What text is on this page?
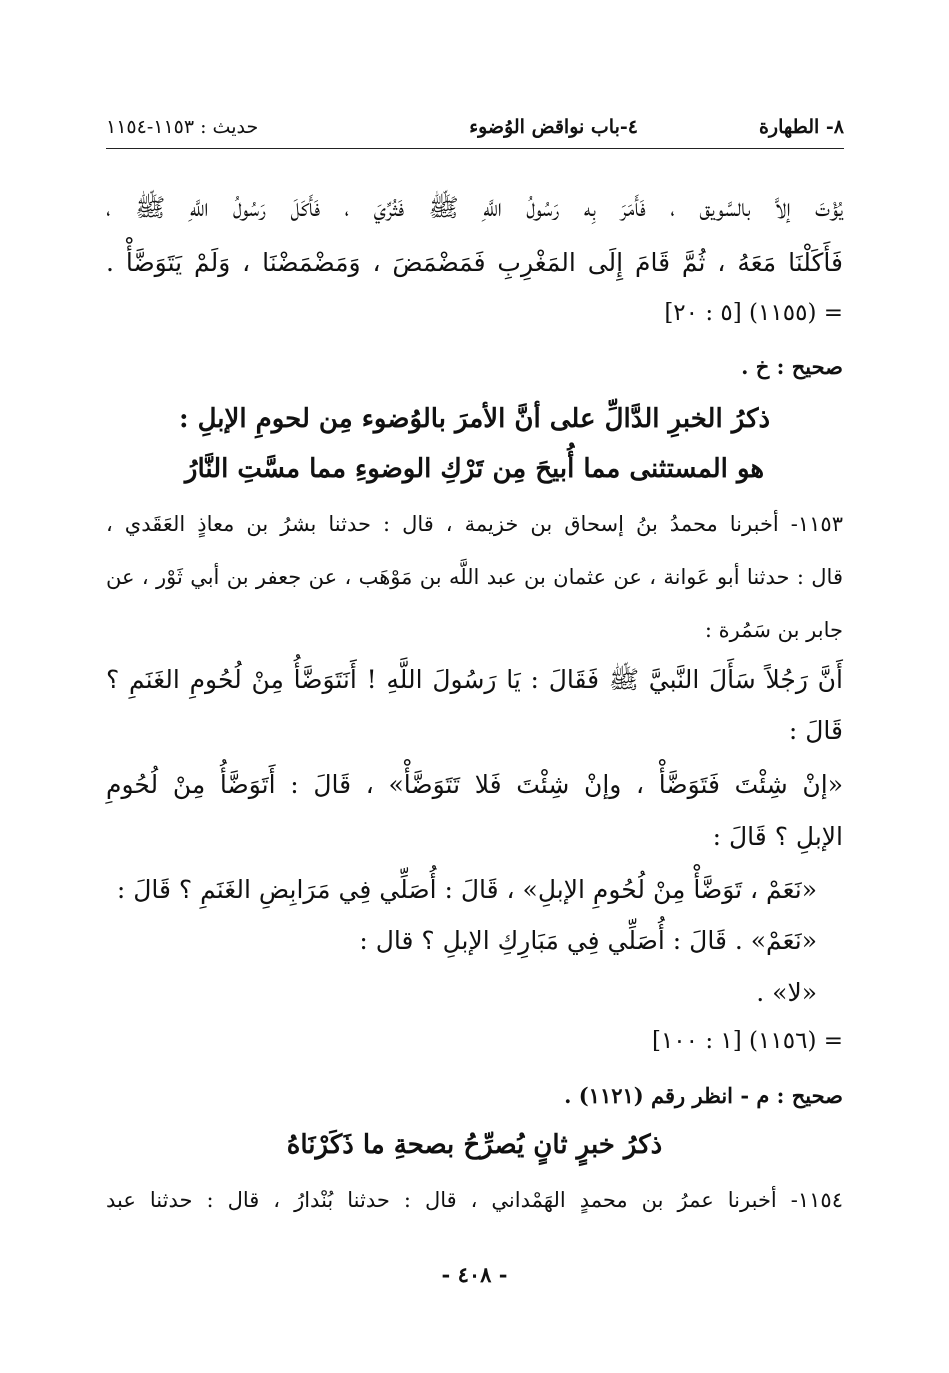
٨- الطهارة
٤-باب نواقض الوُضوء
حديث : ١١٥٣-١١٥٤
يُؤْتَ إلاَّ بالسَّويق ، فَأَمَرَ بِه رَسُولُ اللَّهِ ﷺ فَثُرِّيَ ، فَأَكَلَ رَسُولُ اللَّهِ ﷺ ،
فَأَكَلْنَا مَعَهُ ، ثُمَّ قَامَ إِلَى المَغْرِبِ فَمَضْمَضَ ، وَمَضْمَضْنَا ، وَلَمْ يَتَوَضَّأْ .
= (١١٥٥) [٥ : ٢٠]
صحيح : خ .
ذكرُ الخبرِ الدَّالِّ على أنَّ الأمرَ بالوُضوء مِن لحومِ الإبلِ :
هو المستثنى مما أُبيحَ مِن تَرْكِ الوضوءِ مما مسَّتِ النَّارُ
١١٥٣- أخبرنا محمدُ بنُ إسحاق بن خزيمة ، قال : حدثنا بشرُ بن معاذٍ العَقَدي ،
قال : حدثنا أبو عَوانة ، عن عثمان بن عبد اللَّه بن مَوْهَب ، عن جعفر بن أبي ثَوْر ، عن
جابر بن سَمُرة :
أَنَّ رَجُلاً سَأَلَ النَّبيَّ ﷺ فَقَالَ : يَا رَسُولَ اللَّهِ ! أَنَتَوَضَّأُ مِنْ لُحُومِ الغَنَمِ ؟
قَالَ :
«إنْ شِئْتَ فَتَوَضَّأْ ، وإنْ شِئْتَ فَلا تَتَوَضَّأْ» ، قَالَ : أَتَوَضَّأُ مِنْ لُحُومِ
الإبلِ ؟ قَالَ :
«نَعَمْ ، تَوَضَّأْ مِنْ لُحُومِ الإبلِ» ، قَالَ : أُصَلِّي فِي مَرَابِضِ الغَنَمِ ؟ قَالَ :
«نَعَمْ» . قَالَ : أُصَلِّي فِي مَبَارِكِ الإبلِ ؟ قال :
«لا» .
= (١١٥٦) [١ : ١٠٠]
صحيح : م - انظر رقم (١١٢١) .
ذكرُ خبرٍ ثانٍ يُصرِّحُ بصحةِ ما ذَكَرْنَاهُ
١١٥٤- أخبرنا عمرُ بن محمدٍ الهَمْداني ، قال : حدثنا بُنْدارُ ، قال : حدثنا عبد
- ٤٠٨ -
